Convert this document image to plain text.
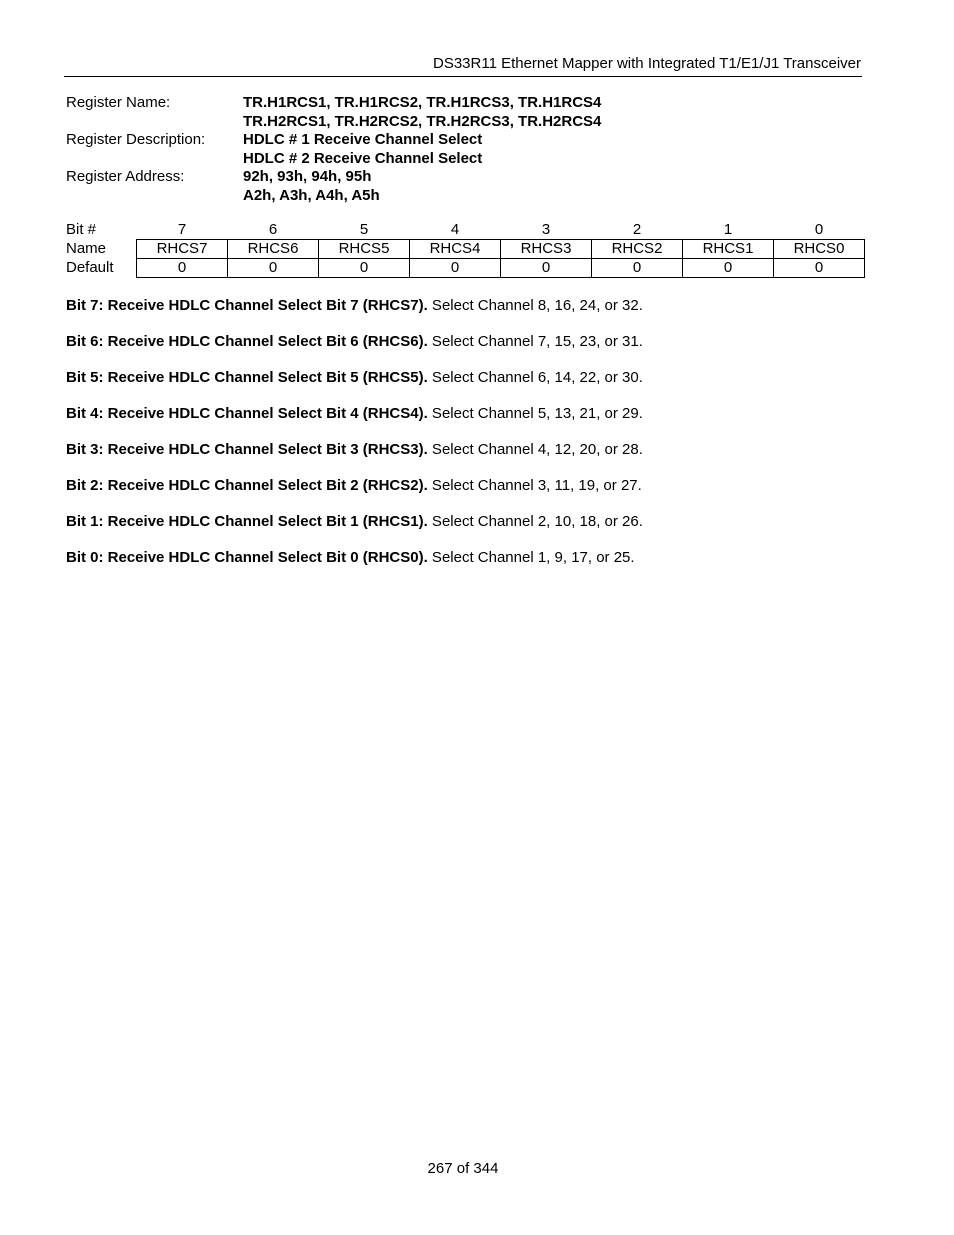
DS33R11 Ethernet Mapper with Integrated T1/E1/J1 Transceiver
Register Name:	TR.H1RCS1, TR.H1RCS2, TR.H1RCS3, TR.H1RCS4
TR.H2RCS1, TR.H2RCS2, TR.H2RCS3, TR.H2RCS4
Register Description:	HDLC # 1 Receive Channel Select
HDLC # 2 Receive Channel Select
Register Address:	92h, 93h, 94h, 95h
A2h, A3h, A4h, A5h
Bit #	7	6	5	4	3	2	1	0
Name	RHCS7	RHCS6	RHCS5	RHCS4	RHCS3	RHCS2	RHCS1	RHCS0
Default	0	0	0	0	0	0	0	0

Bit 7: Receive HDLC Channel Select Bit 7 (RHCS7). Select Channel 8, 16, 24, or 32.

Bit 6: Receive HDLC Channel Select Bit 6 (RHCS6). Select Channel 7, 15, 23, or 31.

Bit 5: Receive HDLC Channel Select Bit 5 (RHCS5). Select Channel 6, 14, 22, or 30.

Bit 4: Receive HDLC Channel Select Bit 4 (RHCS4). Select Channel 5, 13, 21, or 29.

Bit 3: Receive HDLC Channel Select Bit 3 (RHCS3). Select Channel 4, 12, 20, or 28.

Bit 2: Receive HDLC Channel Select Bit 2 (RHCS2). Select Channel 3, 11, 19, or 27.

Bit 1: Receive HDLC Channel Select Bit 1 (RHCS1). Select Channel 2, 10, 18, or 26.

Bit 0: Receive HDLC Channel Select Bit 0 (RHCS0). Select Channel 1, 9, 17, or 25.

267 of 344
